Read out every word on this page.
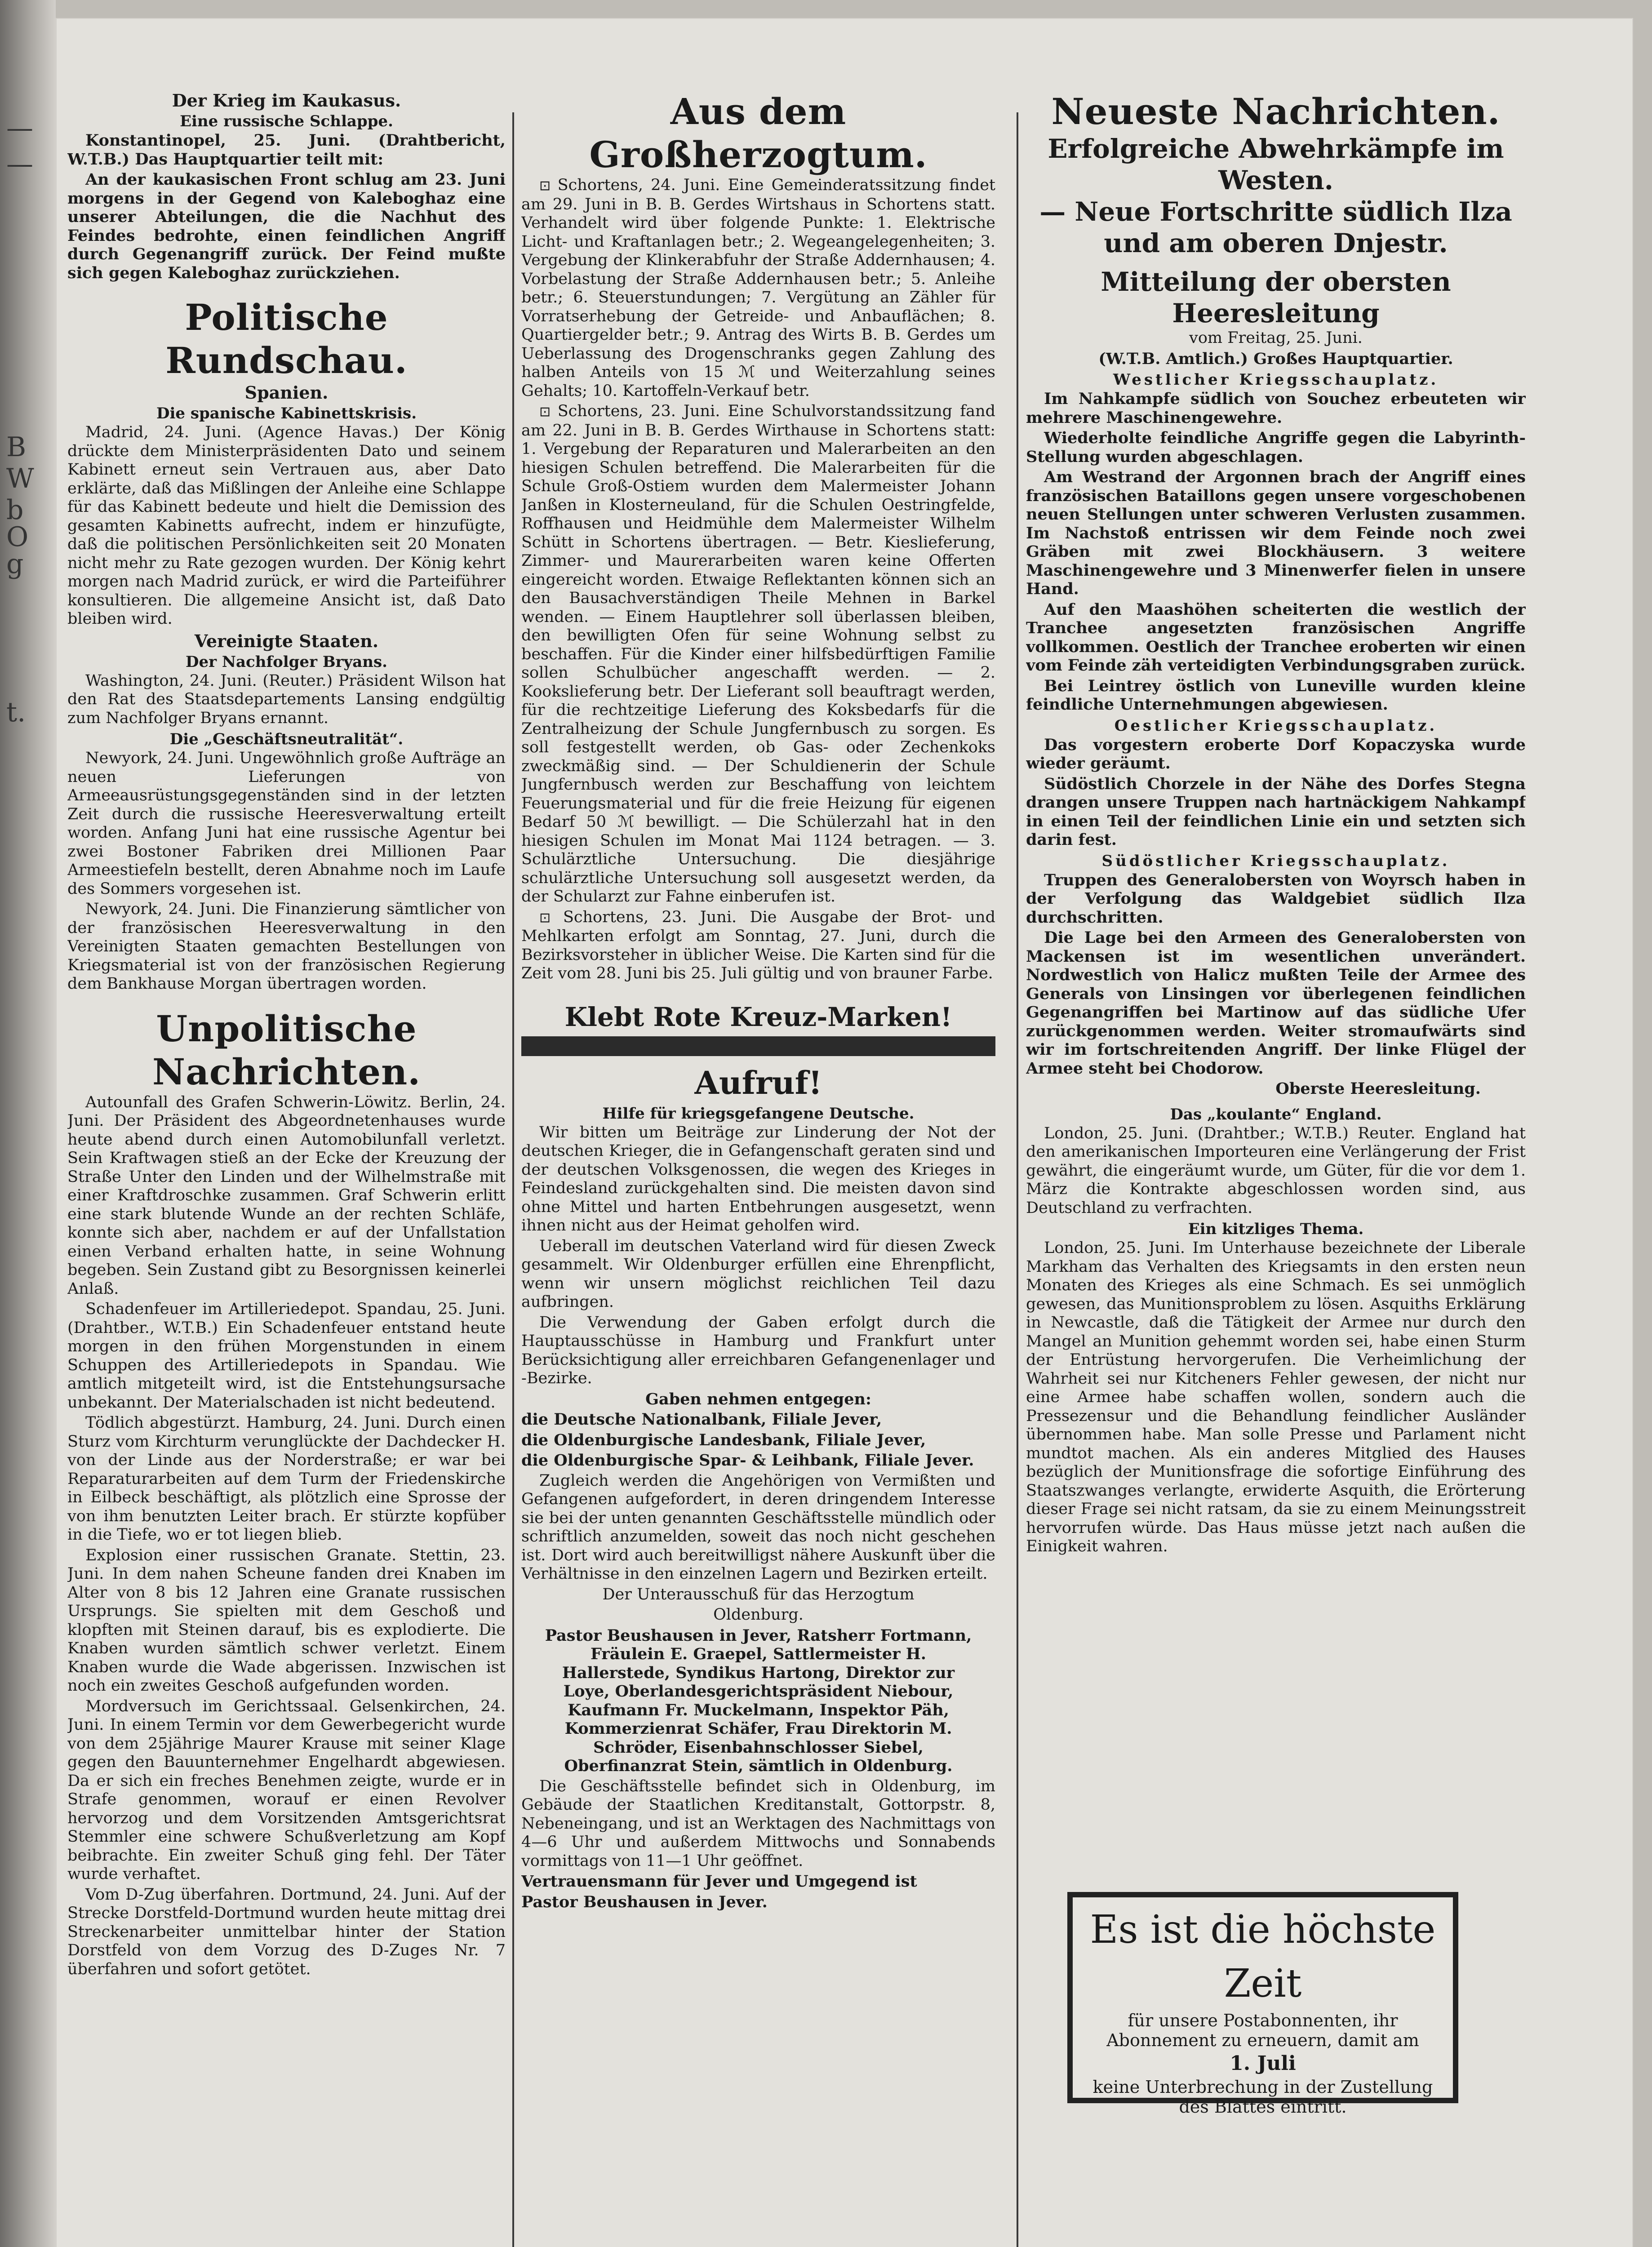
—
—
B
W
b
O
g
t.
Der Krieg im Kaukasus.
Eine russische Schlappe.

Konstantinopel, 25. Juni. (Drahtbericht, W.T.B.) Das Hauptquartier teilt mit:

An der kaukasischen Front schlug am 23. Juni morgens in der Gegend von Kaleboghaz eine unserer Abteilungen, die die Nachhut des Feindes bedrohte, einen feindlichen Angriff durch Gegenangriff zurück. Der Feind mußte sich gegen Kaleboghaz zurückziehen.

Politische Rundschau.
Spanien.
Die spanische Kabinettskrisis.

Madrid, 24. Juni. (Agence Havas.) Der König drückte dem Ministerpräsidenten Dato und seinem Kabinett erneut sein Vertrauen aus, aber Dato erklärte, daß das Mißlingen der Anleihe eine Schlappe für das Kabinett bedeute und hielt die Demission des gesamten Kabinetts aufrecht, indem er hinzufügte, daß die politischen Persönlichkeiten seit 20 Monaten nicht mehr zu Rate gezogen wurden. Der König kehrt morgen nach Madrid zurück, er wird die Parteiführer konsultieren. Die allgemeine Ansicht ist, daß Dato bleiben wird.

Vereinigte Staaten.
Der Nachfolger Bryans.

Washington, 24. Juni. (Reuter.) Präsident Wilson hat den Rat des Staatsdepartements Lansing endgültig zum Nachfolger Bryans ernannt.

Die „Geschäftsneutralität“.

Newyork, 24. Juni. Ungewöhnlich große Aufträge an neuen Lieferungen von Armeeausrüstungsgegenständen sind in der letzten Zeit durch die russische Heeresverwaltung erteilt worden. Anfang Juni hat eine russische Agentur bei zwei Bostoner Fabriken drei Millionen Paar Armeestiefeln bestellt, deren Abnahme noch im Laufe des Sommers vorgesehen ist.

Newyork, 24. Juni. Die Finanzierung sämtlicher von der französischen Heeresverwaltung in den Vereinigten Staaten gemachten Bestellungen von Kriegsmaterial ist von der französischen Regierung dem Bankhause Morgan übertragen worden.

Unpolitische Nachrichten.

Autounfall des Grafen Schwerin-Löwitz. Berlin, 24. Juni. Der Präsident des Abgeordnetenhauses wurde heute abend durch einen Automobilunfall verletzt. Sein Kraftwagen stieß an der Ecke der Kreuzung der Straße Unter den Linden und der Wilhelmstraße mit einer Kraftdroschke zusammen. Graf Schwerin erlitt eine stark blutende Wunde an der rechten Schläfe, konnte sich aber, nachdem er auf der Unfallstation einen Verband erhalten hatte, in seine Wohnung begeben. Sein Zustand gibt zu Besorgnissen keinerlei Anlaß.

Schadenfeuer im Artilleriedepot. Spandau, 25. Juni. (Drahtber., W.T.B.) Ein Schadenfeuer entstand heute morgen in den frühen Morgenstunden in einem Schuppen des Artilleriedepots in Spandau. Wie amtlich mitgeteilt wird, ist die Entstehungsursache unbekannt. Der Materialschaden ist nicht bedeutend.

Tödlich abgestürzt. Hamburg, 24. Juni. Durch einen Sturz vom Kirchturm verunglückte der Dachdecker H. von der Linde aus der Norderstraße; er war bei Reparaturarbeiten auf dem Turm der Friedenskirche in Eilbeck beschäftigt, als plötzlich eine Sprosse der von ihm benutzten Leiter brach. Er stürzte kopfüber in die Tiefe, wo er tot liegen blieb.

Explosion einer russischen Granate. Stettin, 23. Juni. In dem nahen Scheune fanden drei Knaben im Alter von 8 bis 12 Jahren eine Granate russischen Ursprungs. Sie spielten mit dem Geschoß und klopften mit Steinen darauf, bis es explodierte. Die Knaben wurden sämtlich schwer verletzt. Einem Knaben wurde die Wade abgerissen. Inzwischen ist noch ein zweites Geschoß aufgefunden worden.

Mordversuch im Gerichtssaal. Gelsenkirchen, 24. Juni. In einem Termin vor dem Gewerbegericht wurde von dem 25jährige Maurer Krause mit seiner Klage gegen den Bauunternehmer Engelhardt abgewiesen. Da er sich ein freches Benehmen zeigte, wurde er in Strafe genommen, worauf er einen Revolver hervorzog und dem Vorsitzenden Amtsgerichtsrat Stemmler eine schwere Schußverletzung am Kopf beibrachte. Ein zweiter Schuß ging fehl. Der Täter wurde verhaftet.

Vom D-Zug überfahren. Dortmund, 24. Juni. Auf der Strecke Dorstfeld-Dortmund wurden heute mittag drei Streckenarbeiter unmittelbar hinter der Station Dorstfeld von dem Vorzug des D-Zuges Nr. 7 überfahren und sofort getötet.

Aus dem Großherzogtum.

⊡ Schortens, 24. Juni. Eine Gemeinderatssitzung findet am 29. Juni in B. B. Gerdes Wirtshaus in Schortens statt. Verhandelt wird über folgende Punkte: 1. Elektrische Licht- und Kraftanlagen betr.; 2. Wegeangelegenheiten; 3. Vergebung der Klinkerabfuhr der Straße Addernhausen; 4. Vorbelastung der Straße Addernhausen betr.; 5. Anleihe betr.; 6. Steuerstundungen; 7. Vergütung an Zähler für Vorratserhebung der Getreide- und Anbauflächen; 8. Quartiergelder betr.; 9. Antrag des Wirts B. B. Gerdes um Ueberlassung des Drogenschranks gegen Zahlung des halben Anteils von 15 ℳ und Weiterzahlung seines Gehalts; 10. Kartoffeln-Verkauf betr.

⊡ Schortens, 23. Juni. Eine Schulvorstandssitzung fand am 22. Juni in B. B. Gerdes Wirthause in Schortens statt: 1. Vergebung der Reparaturen und Malerarbeiten an den hiesigen Schulen betreffend. Die Malerarbeiten für die Schule Groß-Ostiem wurden dem Malermeister Johann Janßen in Klosterneuland, für die Schulen Oestringfelde, Roffhausen und Heidmühle dem Malermeister Wilhelm Schütt in Schortens übertragen. — Betr. Kieslieferung, Zimmer- und Maurerarbeiten waren keine Offerten eingereicht worden. Etwaige Reflektanten können sich an den Bausachverständigen Theile Mehnen in Barkel wenden. — Einem Hauptlehrer soll überlassen bleiben, den bewilligten Ofen für seine Wohnung selbst zu beschaffen. Für die Kinder einer hilfsbedürftigen Familie sollen Schulbücher angeschafft werden. — 2. Kookslieferung betr. Der Lieferant soll beauftragt werden, für die rechtzeitige Lieferung des Koksbedarfs für die Zentralheizung der Schule Jungfernbusch zu sorgen. Es soll festgestellt werden, ob Gas- oder Zechenkoks zweckmäßig sind. — Der Schuldienerin der Schule Jungfernbusch werden zur Beschaffung von leichtem Feuerungsmaterial und für die freie Heizung für eigenen Bedarf 50 ℳ bewilligt. — Die Schülerzahl hat in den hiesigen Schulen im Monat Mai 1124 betragen. — 3. Schulärztliche Untersuchung. Die diesjährige schulärztliche Untersuchung soll ausgesetzt werden, da der Schularzt zur Fahne einberufen ist.

⊡ Schortens, 23. Juni. Die Ausgabe der Brot- und Mehlkarten erfolgt am Sonntag, 27. Juni, durch die Bezirksvorsteher in üblicher Weise. Die Karten sind für die Zeit vom 28. Juni bis 25. Juli gültig und von brauner Farbe.

Klebt Rote Kreuz-Marken!
Aufruf!
Hilfe für kriegsgefangene Deutsche.

Wir bitten um Beiträge zur Linderung der Not der deutschen Krieger, die in Gefangenschaft geraten sind und der deutschen Volksgenossen, die wegen des Krieges in Feindesland zurückgehalten sind. Die meisten davon sind ohne Mittel und harten Entbehrungen ausgesetzt, wenn ihnen nicht aus der Heimat geholfen wird.

Ueberall im deutschen Vaterland wird für diesen Zweck gesammelt. Wir Oldenburger erfüllen eine Ehrenpflicht, wenn wir unsern möglichst reichlichen Teil dazu aufbringen.

Die Verwendung der Gaben erfolgt durch die Hauptausschüsse in Hamburg und Frankfurt unter Berücksichtigung aller erreichbaren Gefangenenlager und -Bezirke.

Gaben nehmen entgegen:

die Deutsche Nationalbank, Filiale Jever,

die Oldenburgische Landesbank, Filiale Jever,

die Oldenburgische Spar- & Leihbank, Filiale Jever.

Zugleich werden die Angehörigen von Vermißten und Gefangenen aufgefordert, in deren dringendem Interesse sie bei der unten genannten Geschäftsstelle mündlich oder schriftlich anzumelden, soweit das noch nicht geschehen ist. Dort wird auch bereitwilligst nähere Auskunft über die Verhältnisse in den einzelnen Lagern und Bezirken erteilt.

Der Unterausschuß für das Herzogtum

Oldenburg.

Pastor Beushausen in Jever, Ratsherr Fortmann, Fräulein E. Graepel, Sattlermeister H. Hallerstede, Syndikus Hartong, Direktor zur Loye, Oberlandesgerichtspräsident Niebour, Kaufmann Fr. Muckelmann, Inspektor Päh, Kommerzienrat Schäfer, Frau Direktorin M. Schröder, Eisenbahnschlosser Siebel, Oberfinanzrat Stein, sämtlich in Oldenburg.

Die Geschäftsstelle befindet sich in Oldenburg, im Gebäude der Staatlichen Kreditanstalt, Gottorpstr. 8, Nebeneingang, und ist an Werktagen des Nachmittags von 4—6 Uhr und außerdem Mittwochs und Sonnabends vormittags von 11—1 Uhr geöffnet.

Vertrauensmann für Jever und Umgegend ist

Pastor Beushausen in Jever.

Neueste Nachrichten.
Erfolgreiche Abwehrkämpfe im Westen.
— Neue Fortschritte südlich Ilza und am oberen Dnjestr.
Mitteilung der obersten Heeresleitung

vom Freitag, 25. Juni.

(W.T.B. Amtlich.) Großes Hauptquartier.

Westlicher Kriegsschauplatz.

Im Nahkampfe südlich von Souchez erbeuteten wir mehrere Maschinengewehre.

Wiederholte feindliche Angriffe gegen die Labyrinth-Stellung wurden abgeschlagen.

Am Westrand der Argonnen brach der Angriff eines französischen Bataillons gegen unsere vorgeschobenen neuen Stellungen unter schweren Verlusten zusammen. Im Nachstoß entrissen wir dem Feinde noch zwei Gräben mit zwei Blockhäusern. 3 weitere Maschinengewehre und 3 Minenwerfer fielen in unsere Hand.

Auf den Maashöhen scheiterten die westlich der Tranchee angesetzten französischen Angriffe vollkommen. Oestlich der Tranchee eroberten wir einen vom Feinde zäh verteidigten Verbindungsgraben zurück.

Bei Leintrey östlich von Luneville wurden kleine feindliche Unternehmungen abgewiesen.

Oestlicher Kriegsschauplatz.

Das vorgestern eroberte Dorf Kopaczyska wurde wieder geräumt.

Südöstlich Chorzele in der Nähe des Dorfes Stegna drangen unsere Truppen nach hartnäckigem Nahkampf in einen Teil der feindlichen Linie ein und setzten sich darin fest.

Südöstlicher Kriegsschauplatz.

Truppen des Generalobersten von Woyrsch haben in der Verfolgung das Waldgebiet südlich Ilza durchschritten.

Die Lage bei den Armeen des Generalobersten von Mackensen ist im wesentlichen unverändert. Nordwestlich von Halicz mußten Teile der Armee des Generals von Linsingen vor überlegenen feindlichen Gegenangriffen bei Martinow auf das südliche Ufer zurückgenommen werden. Weiter stromaufwärts sind wir im fortschreitenden Angriff. Der linke Flügel der Armee steht bei Chodorow.

Oberste Heeresleitung.

Das „koulante“ England.

London, 25. Juni. (Drahtber.; W.T.B.) Reuter. England hat den amerikanischen Importeuren eine Verlängerung der Frist gewährt, die eingeräumt wurde, um Güter, für die vor dem 1. März die Kontrakte abgeschlossen worden sind, aus Deutschland zu verfrachten.

Ein kitzliges Thema.

London, 25. Juni. Im Unterhause bezeichnete der Liberale Markham das Verhalten des Kriegsamts in den ersten neun Monaten des Krieges als eine Schmach. Es sei unmöglich gewesen, das Munitionsproblem zu lösen. Asquiths Erklärung in Newcastle, daß die Tätigkeit der Armee nur durch den Mangel an Munition gehemmt worden sei, habe einen Sturm der Entrüstung hervorgerufen. Die Verheimlichung der Wahrheit sei nur Kitcheners Fehler gewesen, der nicht nur eine Armee habe schaffen wollen, sondern auch die Pressezensur und die Behandlung feindlicher Ausländer übernommen habe. Man solle Presse und Parlament nicht mundtot machen. Als ein anderes Mitglied des Hauses bezüglich der Munitionsfrage die sofortige Einführung des Staatszwanges verlangte, erwiderte Asquith, die Erörterung dieser Frage sei nicht ratsam, da sie zu einem Meinungsstreit hervorrufen würde. Das Haus müsse jetzt nach außen die Einigkeit wahren.

Es ist die höchste Zeit
für unsere Postabonnenten, ihr Abonnement zu erneuern, damit am
1. Juli
keine Unterbrechung in der Zustellung des Blattes eintritt.
